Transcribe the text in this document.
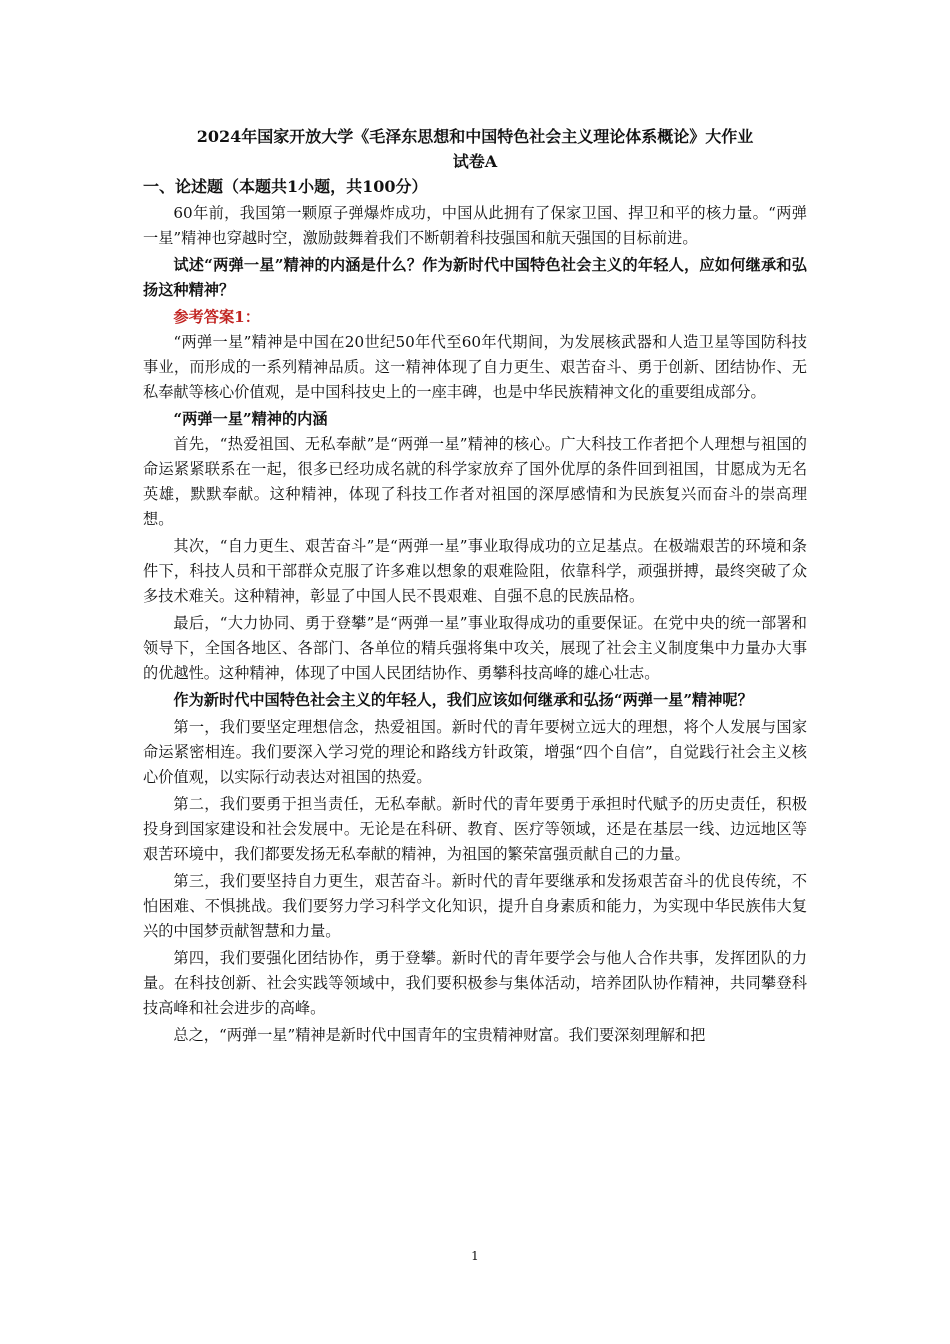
2024年国家开放大学《毛泽东思想和中国特色社会主义理论体系概论》大作业

试卷A

一、论述题（本题共1小题，共100分）

60年前，我国第一颗原子弹爆炸成功，中国从此拥有了保家卫国、捍卫和平的核力量。“两弹一星”精神也穿越时空，激励鼓舞着我们不断朝着科技强国和航天强国的目标前进。

试述“两弹一星”精神的内涵是什么？作为新时代中国特色社会主义的年轻人，应如何继承和弘扬这种精神？

参考答案1：

“两弹一星”精神是中国在20世纪50年代至60年代期间，为发展核武器和人造卫星等国防科技事业，而形成的一系列精神品质。这一精神体现了自力更生、艰苦奋斗、勇于创新、团结协作、无私奉献等核心价值观，是中国科技史上的一座丰碑，也是中华民族精神文化的重要组成部分。

“两弹一星”精神的内涵

首先，“热爱祖国、无私奉献”是“两弹一星”精神的核心。广大科技工作者把个人理想与祖国的命运紧紧联系在一起，很多已经功成名就的科学家放弃了国外优厚的条件回到祖国，甘愿成为无名英雄，默默奉献。这种精神，体现了科技工作者对祖国的深厚感情和为民族复兴而奋斗的崇高理想。

其次，“自力更生、艰苦奋斗”是“两弹一星”事业取得成功的立足基点。在极端艰苦的环境和条件下，科技人员和干部群众克服了许多难以想象的艰难险阻，依靠科学，顽强拼搏，最终突破了众多技术难关。这种精神，彰显了中国人民不畏艰难、自强不息的民族品格。

最后，“大力协同、勇于登攀”是“两弹一星”事业取得成功的重要保证。在党中央的统一部署和领导下，全国各地区、各部门、各单位的精兵强将集中攻关，展现了社会主义制度集中力量办大事的优越性。这种精神，体现了中国人民团结协作、勇攀科技高峰的雄心壮志。

作为新时代中国特色社会主义的年轻人，我们应该如何继承和弘扬“两弹一星”精神呢？

第一，我们要坚定理想信念，热爱祖国。新时代的青年要树立远大的理想，将个人发展与国家命运紧密相连。我们要深入学习党的理论和路线方针政策，增强“四个自信”，自觉践行社会主义核心价值观，以实际行动表达对祖国的热爱。

第二，我们要勇于担当责任，无私奉献。新时代的青年要勇于承担时代赋予的历史责任，积极投身到国家建设和社会发展中。无论是在科研、教育、医疗等领域，还是在基层一线、边远地区等艰苦环境中，我们都要发扬无私奉献的精神，为祖国的繁荣富强贡献自己的力量。

第三，我们要坚持自力更生，艰苦奋斗。新时代的青年要继承和发扬艰苦奋斗的优良传统，不怕困难、不惧挑战。我们要努力学习科学文化知识，提升自身素质和能力，为实现中华民族伟大复兴的中国梦贡献智慧和力量。

第四，我们要强化团结协作，勇于登攀。新时代的青年要学会与他人合作共事，发挥团队的力量。在科技创新、社会实践等领域中，我们要积极参与集体活动，培养团队协作精神，共同攀登科技高峰和社会进步的高峰。

总之，“两弹一星”精神是新时代中国青年的宝贵精神财富。我们要深刻理解和把

1
